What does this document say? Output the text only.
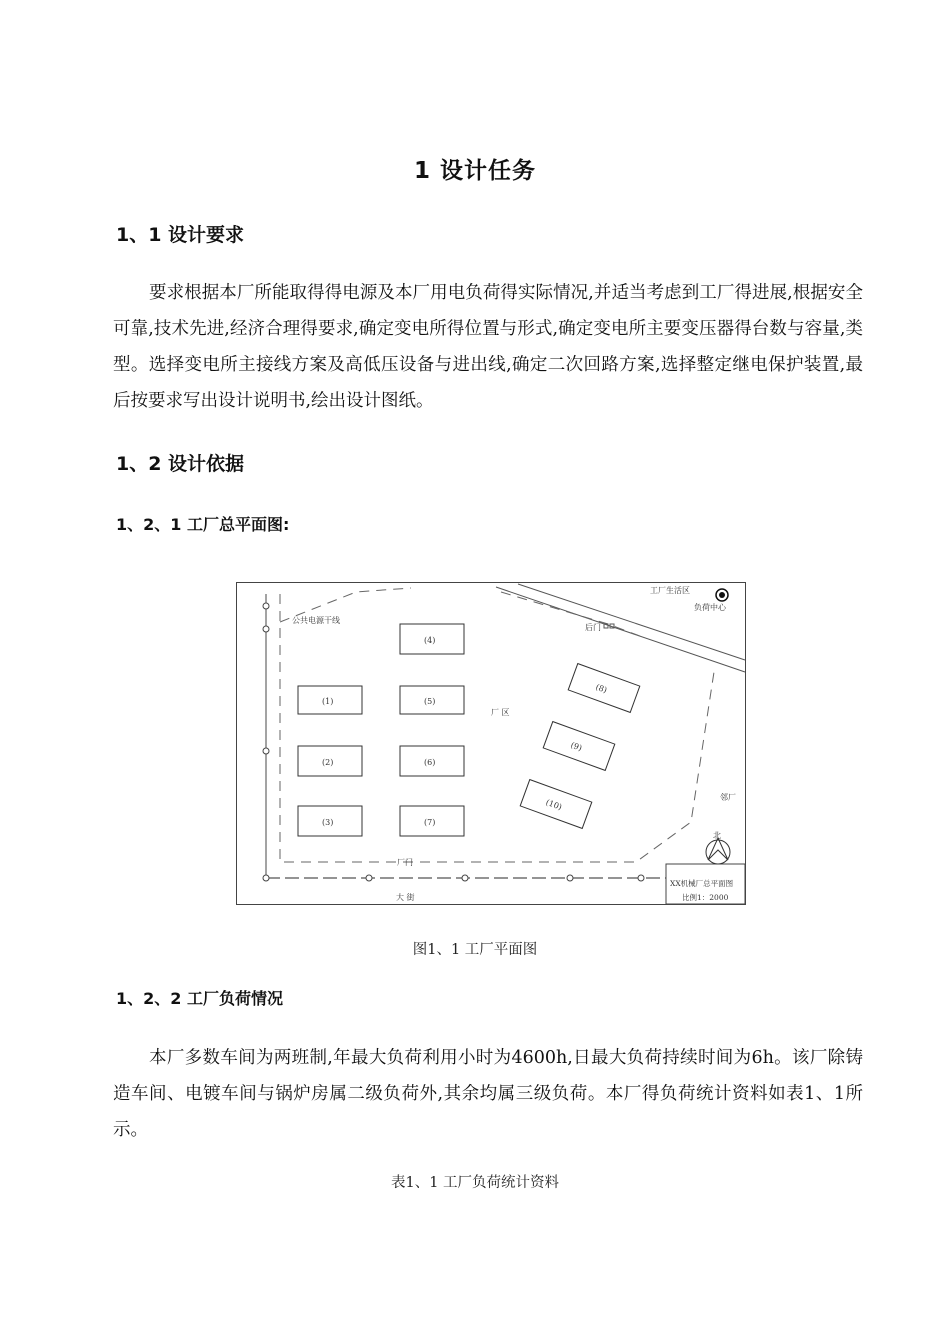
1 设计任务
1、1 设计要求
要求根据本厂所能取得得电源及本厂用电负荷得实际情况,并适当考虑到工厂得进展,根据安全可靠,技术先进,经济合理得要求,确定变电所得位置与形式,确定变电所主要变压器得台数与容量,类型。选择变电所主接线方案及高低压设备与进出线,确定二次回路方案,选择整定继电保护装置,最后按要求写出设计说明书,绘出设计图纸。
1、2 设计依据
1、2、1 工厂总平面图:
公共电源干线
工厂生活区
负荷中心
后门
厂 区
邻厂
厂门
大 街
北
XX机械厂总平面图
比例1：2000
(1)
(2)
(3)
(4)
(5)
(6)
(7)
(8)
(9)
(10)
图1、1 工厂平面图
1、2、2 工厂负荷情况
本厂多数车间为两班制,年最大负荷利用小时为4600h,日最大负荷持续时间为6h。该厂除铸造车间、电镀车间与锅炉房属二级负荷外,其余均属三级负荷。本厂得负荷统计资料如表1、1所示。
表1、1 工厂负荷统计资料
